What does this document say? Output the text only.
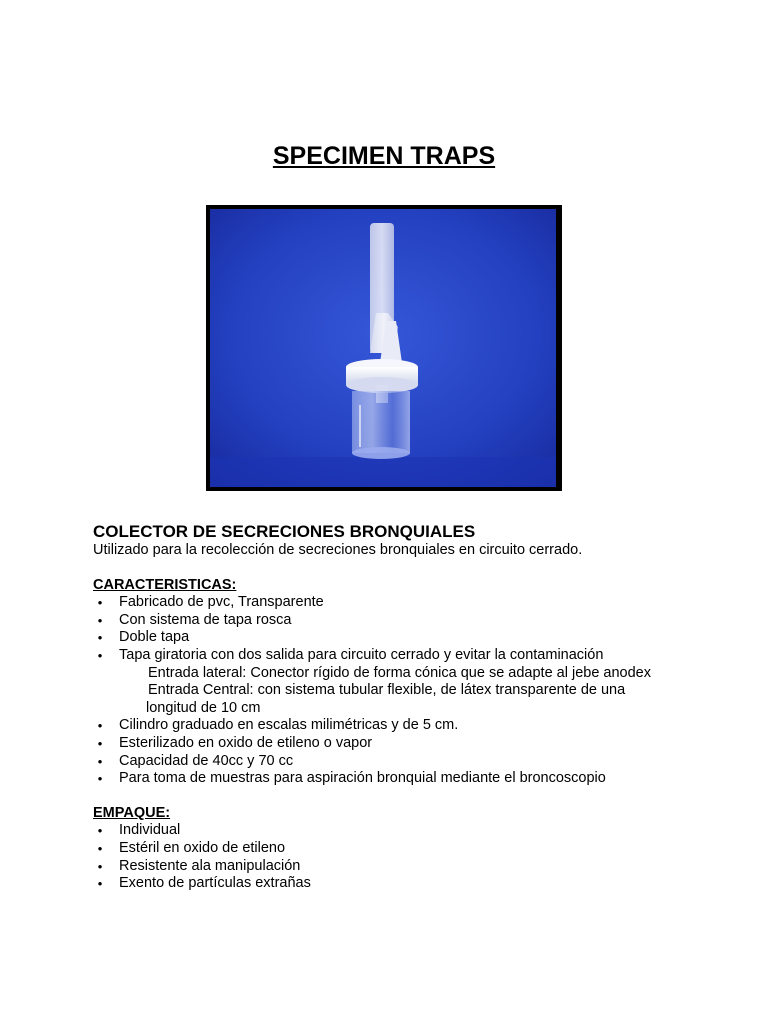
SPECIMEN TRAPS

COLECTOR DE SECRECIONES BRONQUIALES

Utilizado para la recolección de secreciones bronquiales en circuito cerrado.

CARACTERISTICAS:

•	Fabricado de pvc, Transparente
•	Con sistema de tapa rosca
•	Doble tapa
•	Tapa giratoria con dos salida para circuito cerrado y evitar la contaminación
Entrada lateral: Conector rígido de forma cónica que se adapte al jebe anodex
Entrada Central: con sistema tubular flexible, de látex transparente de una
longitud de 10 cm
•	Cilindro graduado en escalas milimétricas y de 5 cm.
•	Esterilizado en oxido de etileno o vapor
•	Capacidad de 40cc y 70 cc
•	Para toma de muestras para aspiración bronquial mediante el broncoscopio

EMPAQUE:

•	Individual
•	Estéril en oxido de etileno
•	Resistente ala manipulación
•	Exento de partículas extrañas
